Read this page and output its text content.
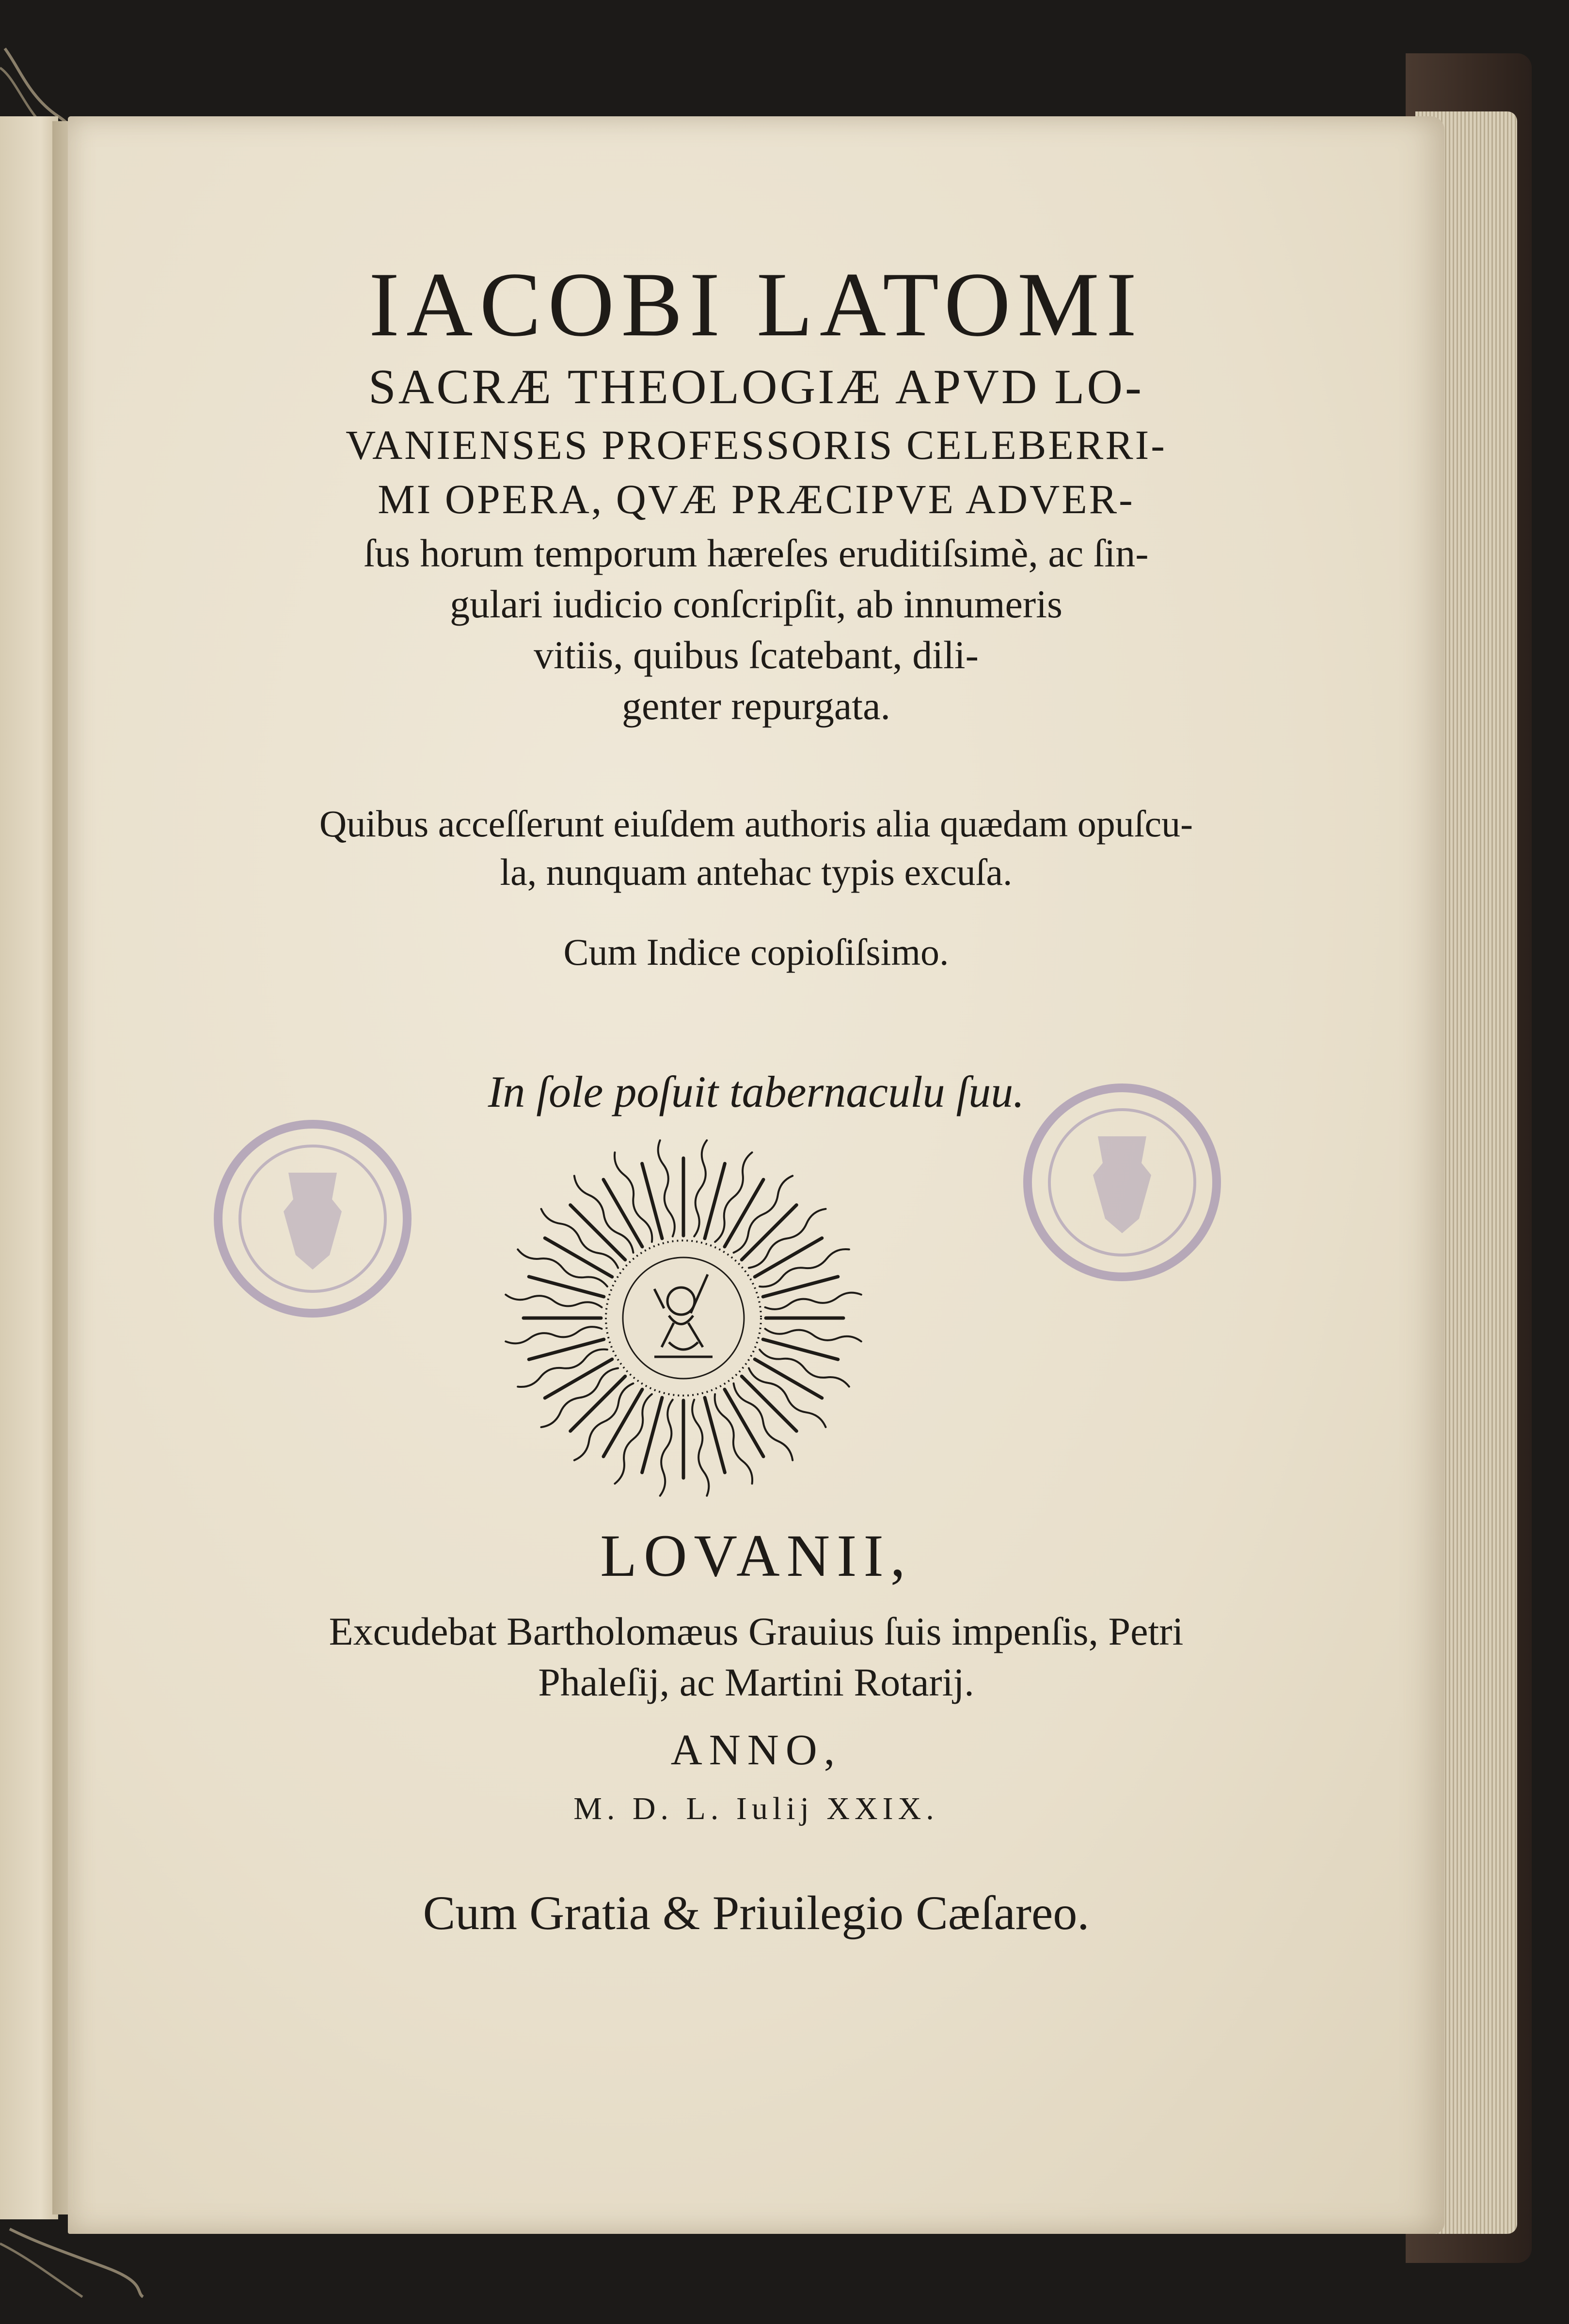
IACOBI LATOMI
SACRÆ THEOLOGIÆ APVD LO-
VANIENSES PROFESSORIS CELEBERRI-
MI OPERA, QVÆ PRÆCIPVE ADVER-
ſus horum temporum hæreſes eruditiſsimè, ac ſin-
gulari iudicio conſcripſit, ab innumeris
vitiis, quibus ſcatebant, dili-
genter repurgata.
Quibus acceſſerunt eiuſdem authoris alia quædam opuſcu-
la, nunquam antehac typis excuſa.
Cum Indice copioſiſsimo.
In ſole poſuit tabernaculu ſuu.
LOVANII,
Excudebat Bartholomæus Grauius ſuis impenſis, Petri
Phaleſij, ac Martini Rotarij.
ANNO,
M. D. L. Iulij XXIX.
Cum Gratia & Priuilegio Cæſareo.
